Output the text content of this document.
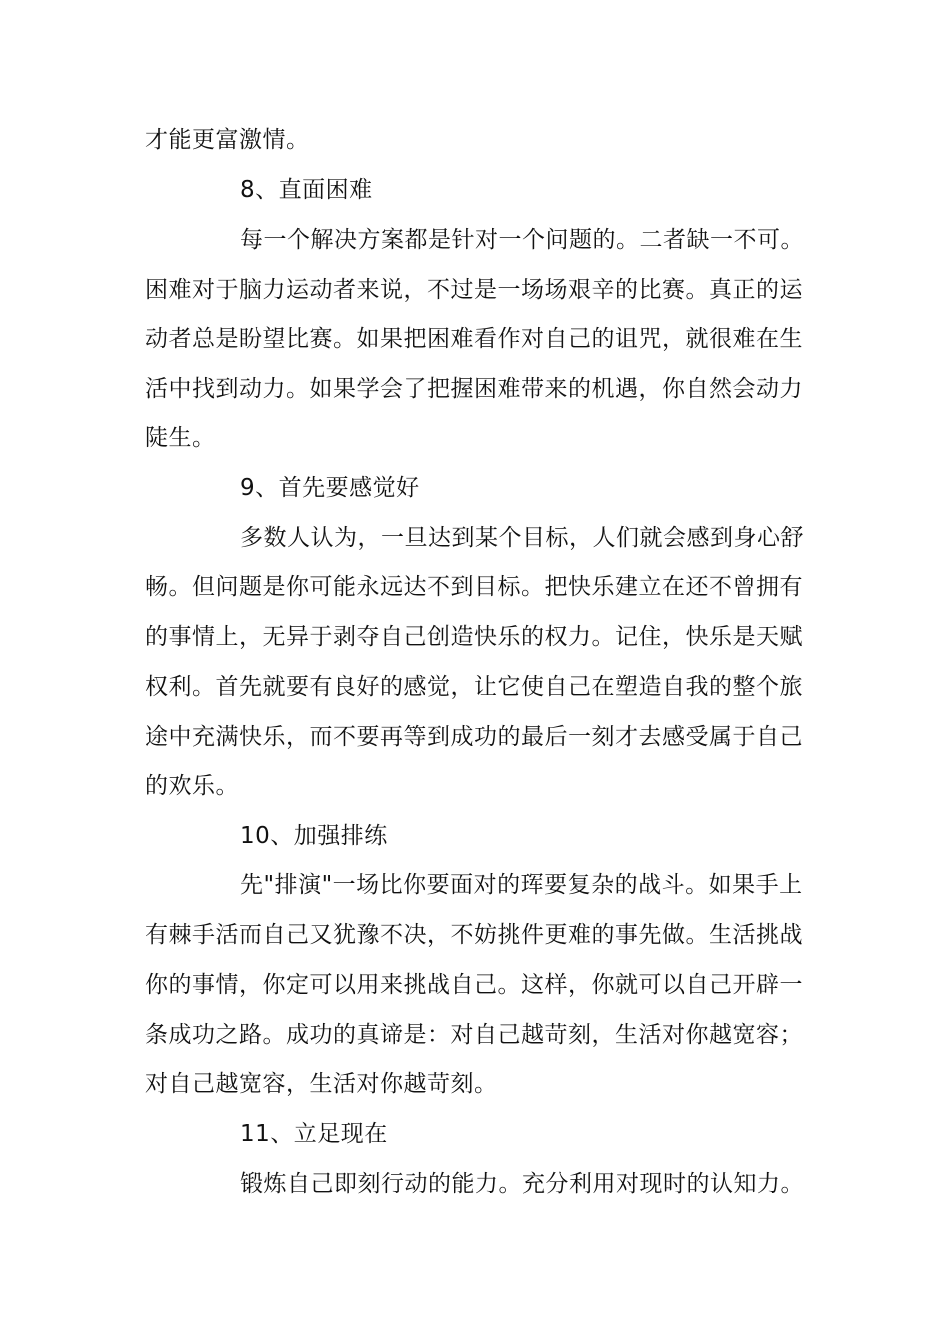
才能更富激情。
8、直面困难
每一个解决方案都是针对一个问题的。二者缺一不可。
困难对于脑力运动者来说，不过是一场场艰辛的比赛。真正的运
动者总是盼望比赛。如果把困难看作对自己的诅咒，就很难在生
活中找到动力。如果学会了把握困难带来的机遇，你自然会动力
陡生。
9、首先要感觉好
多数人认为，一旦达到某个目标，人们就会感到身心舒
畅。但问题是你可能永远达不到目标。把快乐建立在还不曾拥有
的事情上，无异于剥夺自己创造快乐的权力。记住，快乐是天赋
权利。首先就要有良好的感觉，让它使自己在塑造自我的整个旅
途中充满快乐，而不要再等到成功的最后一刻才去感受属于自己
的欢乐。
10、加强排练
先"排演"一场比你要面对的珲要复杂的战斗。如果手上
有棘手活而自己又犹豫不决，不妨挑件更难的事先做。生活挑战
你的事情，你定可以用来挑战自己。这样，你就可以自己开辟一
条成功之路。成功的真谛是：对自己越苛刻，生活对你越宽容；
对自己越宽容，生活对你越苛刻。
11、立足现在
锻炼自己即刻行动的能力。充分利用对现时的认知力。
